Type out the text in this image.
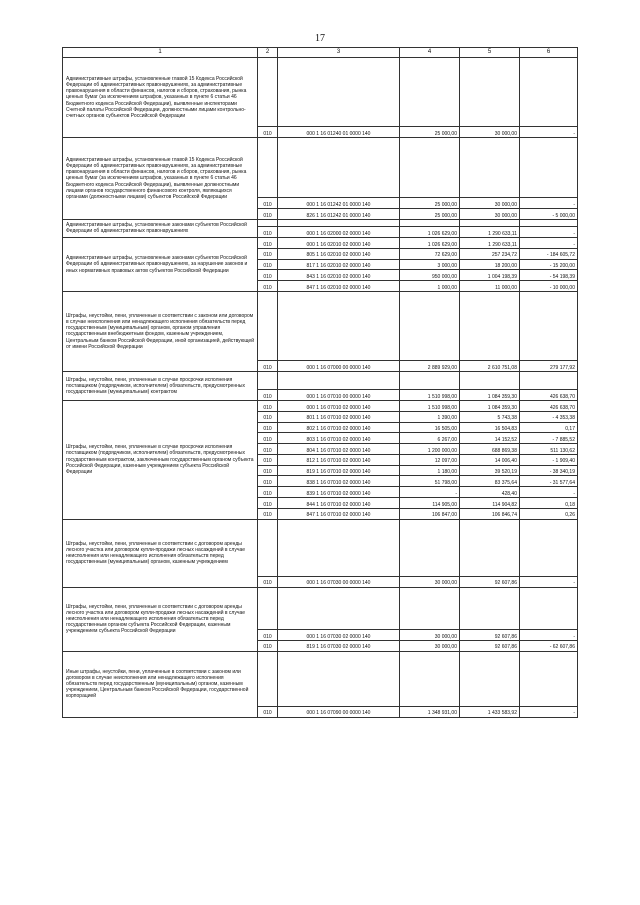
17
1	2	3	4	5	6
Административные штрафы, установленные главой 15 Кодекса Российской Федерации об административных правонарушениях, за административные правонарушения в области финансов, налогов и сборов, страхования, рынка ценных бумаг (за исключением штрафов, указанных в пункте 6 статьи 46 Бюджетного кодекса Российской Федерации), выявленные инспекторами Счетной палаты Российской Федерации, должностными лицами контрольно-счетных органов субъектов Российской Федерации					
	010	000 1 16 01240 01 0000 140	25 000,00	30 000,00	-
Административные штрафы, установленные главой 15 Кодекса Российской Федерации об административных правонарушениях, за административные правонарушения в области финансов, налогов и сборов, страхования, рынка ценных бумаг (за исключением штрафов, указанных в пункте 6 статьи 46 Бюджетного кодекса Российской Федерации), выявленные должностными лицами органов государственного финансового контроля, являющихся органами (должностными лицами) субъектов Российской Федерации					
	010	000 1 16 01242 01 0000 140	25 000,00	30 000,00	-
	010	826 1 16 01242 01 0000 140	25 000,00	30 000,00	- 5 000,00
Административные штрафы, установленные законами субъектов Российской Федерации об административных правонарушениях					
	010	000 1 16 02000 02 0000 140	1 026 629,00	1 290 633,11	-
Административные штрафы, установленные законами субъектов Российской Федерации об административных правонарушениях, за нарушение законов и иных нормативных правовых актов субъектов Российской Федерации	010	000 1 16 02010 02 0000 140	1 026 629,00	1 290 633,11	-
	010	805 1 16 02010 02 0000 140	72 629,00	257 234,72	- 184 605,72
	010	817 1 16 02010 02 0000 140	3 000,00	18 200,00	- 15 200,00
	010	843 1 16 02010 02 0000 140	950 000,00	1 004 198,39	- 54 198,39
	010	847 1 16 02010 02 0000 140	1 000,00	11 000,00	- 10 000,00
Штрафы, неустойки, пени, уплаченные в соответствии с законом или договором в случае неисполнения или ненадлежащего исполнения обязательств перед государственным (муниципальным) органом, органом управления государственным внебюджетным фондом, казенным учреждением, Центральным банком Российской Федерации, иной организацией, действующей от имени Российской Федерации					
	010	000 1 16 07000 00 0000 140	2 889 929,00	2 610 751,08	279 177,92
Штрафы, неустойки, пени, уплаченные в случае просрочки исполнения поставщиком (подрядчиком, исполнителем) обязательств, предусмотренных государственным (муниципальным) контрактом					
	010	000 1 16 07010 00 0000 140	1 510 998,00	1 084 359,30	426 638,70
Штрафы, неустойки, пени, уплаченные в случае просрочки исполнения поставщиком (подрядчиком, исполнителем) обязательств, предусмотренных государственным контрактом, заключенным государственным органом субъекта Российской Федерации, казенным учреждением субъекта Российской Федерации	010	000 1 16 07010 02 0000 140	1 510 998,00	1 084 359,30	426 638,70
	010	801 1 16 07010 02 0000 140	1 390,00	5 743,38	- 4 353,38
	010	802 1 16 07010 02 0000 140	16 505,00	16 504,83	0,17
	010	803 1 16 07010 02 0000 140	6 267,00	14 152,52	- 7 885,52
	010	804 1 16 07010 02 0000 140	1 200 000,00	688 869,38	511 130,62
	010	812 1 16 07010 02 0000 140	12 097,00	14 006,40	- 1 909,40
	010	819 1 16 07010 02 0000 140	1 180,00	39 520,19	- 38 340,19
	010	838 1 16 07010 02 0000 140	51 798,00	83 375,64	- 31 577,64
	010	839 1 16 07010 02 0000 140	-	428,40	-
	010	844 1 16 07010 02 0000 140	114 905,00	114 904,82	0,18
	010	847 1 16 07010 02 0000 140	106 847,00	106 846,74	0,26
Штрафы, неустойки, пени, уплаченные в соответствии с договором аренды лесного участка или договором купли-продажи лесных насаждений в случае неисполнения или ненадлежащего исполнения обязательств перед государственным (муниципальным) органом, казенным учреждением					
	010	000 1 16 07030 00 0000 140	30 000,00	92 607,86	-
Штрафы, неустойки, пени, уплаченные в соответствии с договором аренды лесного участка или договором купли-продажи лесных насаждений в случае неисполнения или ненадлежащего исполнения обязательств перед государственным органом субъекта Российской Федерации, казенным учреждением субъекта Российской Федерации					
	010	000 1 16 07030 02 0000 140	30 000,00	92 607,86	-
	010	819 1 16 07030 02 0000 140	30 000,00	92 607,86	- 62 607,86
Иные штрафы, неустойки, пени, уплаченные в соответствии с законом или договором в случае неисполнения или ненадлежащего исполнения обязательств перед государственным (муниципальным) органом, казенным учреждением, Центральным банком Российской Федерации, государственной корпорацией					
	010	000 1 16 07090 00 0000 140	1 348 931,00	1 433 583,92	-
